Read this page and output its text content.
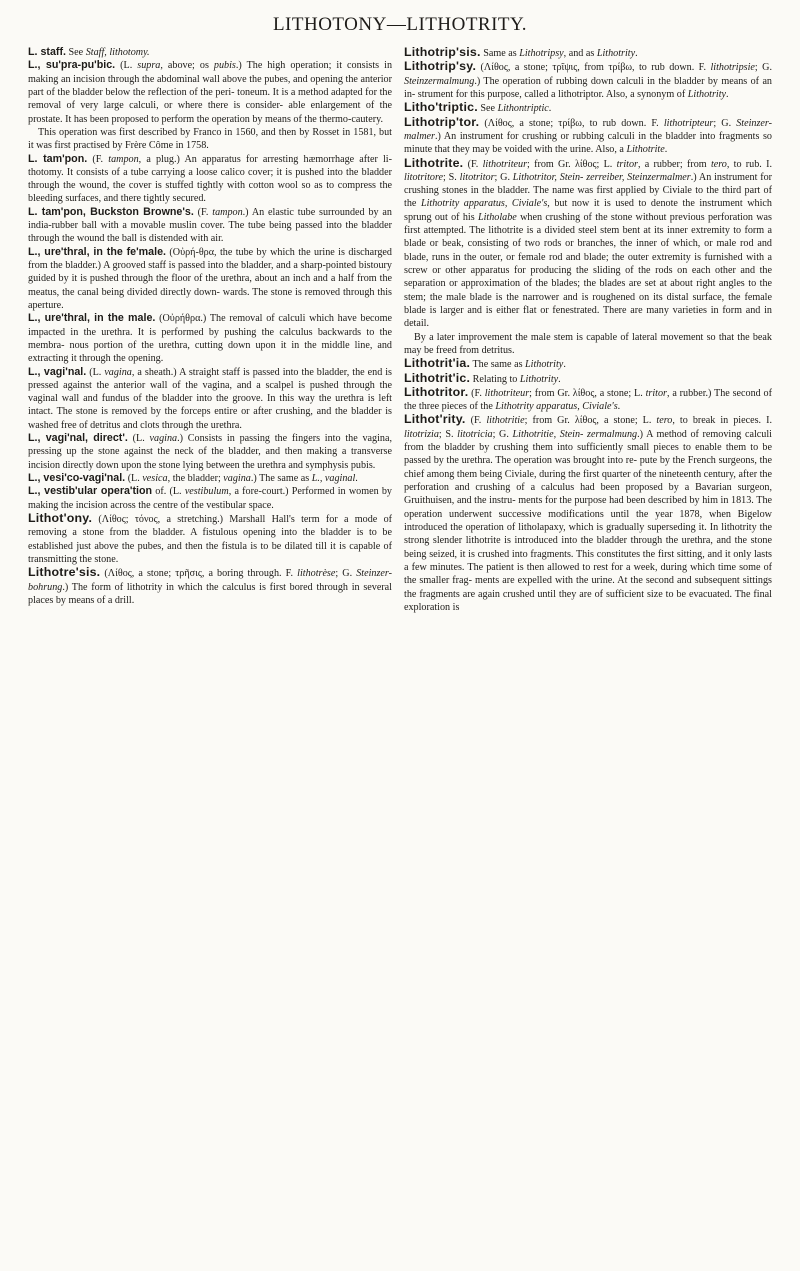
LITHOTONY—LITHOTRITY.

L. staff. See Staff, lithotomy.

L., su'pra-pu'bic. (L. supra, above; os pubis.) The high operation; it consists in making an incision through the abdominal wall above the pubes, and opening the anterior part of the bladder below the reflection of the peri- toneum. It is a method adapted for the removal of very large calculi, or where there is consider- able enlargement of the prostate. It has been proposed to perform the operation by means of the thermo-cautery.

This operation was first described by Franco in 1560, and then by Rosset in 1581, but it was first practised by Frère Côme in 1758.

L. tam'pon. (F. tampon, a plug.) An apparatus for arresting hæmorrhage after li- thotomy. It consists of a tube carrying a loose calico cover; it is pushed into the bladder through the wound, the cover is stuffed tightly with cotton wool so as to compress the bleeding surfaces, and there tightly secured.

L. tam'pon, Buckston Browne's. (F. tampon.) An elastic tube surrounded by an india-rubber ball with a movable muslin cover. The tube being passed into the bladder through the wound the ball is distended with air.

L., ure'thral, in the fe'male. (Οὐρή-θρα, the tube by which the urine is discharged from the bladder.) A grooved staff is passed into the bladder, and a sharp-pointed bistoury guided by it is pushed through the floor of the urethra, about an inch and a half from the meatus, the canal being divided directly down- wards. The stone is removed through this aperture.

L., ure'thral, in the male. (Οὐρήθρα.) The removal of calculi which have become impacted in the urethra. It is performed by pushing the calculus backwards to the membra- nous portion of the urethra, cutting down upon it in the middle line, and extracting it through the opening.

L., vagi'nal. (L. vagina, a sheath.) A straight staff is passed into the bladder, the end is pressed against the anterior wall of the vagina, and a scalpel is pushed through the vaginal wall and fundus of the bladder into the groove. In this way the urethra is left intact. The stone is removed by the forceps entire or after crushing, and the bladder is washed free of detritus and clots through the urethra.

L., vagi'nal, direct'. (L. vagina.) Consists in passing the fingers into the vagina, pressing up the stone against the neck of the bladder, and then making a transverse incision directly down upon the stone lying between the urethra and symphysis pubis.

L., vesi'co-vagi'nal. (L. vesica, the bladder; vagina.) The same as L., vaginal.

L., vestib'ular opera'tion of. (L. vestibulum, a fore-court.) Performed in women by making the incision across the centre of the vestibular space.

Lithot'ony. (Λίθος; τόνος, a stretching.) Marshall Hall's term for a mode of removing a stone from the bladder. A fistulous opening into the bladder is to be established just above the pubes, and then the fistula is to be dilated till it is capable of transmitting the stone.

Lithotre'sis. (Λίθος, a stone; τρῆσις, a boring through. F. lithotrèse; G. Steinzer- bohrung.) The form of lithotrity in which the calculus is first bored through in several places by means of a drill.

Lithotrip'sis. Same as Lithotripsy, and as Lithotrity.

Lithotrip'sy. (Λίθος, a stone; τρῖψις, from τρίβω, to rub down. F. lithotripsie; G. Steinzermalmung.) The operation of rubbing down calculi in the bladder by means of an in- strument for this purpose, called a lithotriptor. Also, a synonym of Lithotrity.

Litho'triptic. See Lithontriptic.

Lithotrip'tor. (Λίθος, a stone; τρίβω, to rub down. F. lithotripteur; G. Steinzer- malmer.) An instrument for crushing or rubbing calculi in the bladder into fragments so minute that they may be voided with the urine. Also, a Lithotrite.

Lithotrite. (F. lithotriteur; from Gr. λίθος; L. tritor, a rubber; from tero, to rub. I. litotritore; S. litotritor; G. Lithotritor, Stein- zerreiber, Steinzermalmer.) An instrument for crushing stones in the bladder. The name was first applied by Civiale to the third part of the Lithotrity apparatus, Civiale's, but now it is used to denote the instrument which sprung out of his Litholabe when crushing of the stone without previous perforation was first attempted. The lithotrite is a divided steel stem bent at its inner extremity to form a blade or beak, consisting of two rods or branches, the inner of which, or male rod and blade, runs in the outer, or female rod and blade; the outer extremity is furnished with a screw or other apparatus for producing the sliding of the rods on each other and the separation or approximation of the blades; the blades are set at about right angles to the stem; the male blade is the narrower and is roughened on its distal surface, the female blade is larger and is either flat or fenestrated. There are many varieties in form and in detail.

By a later improvement the male stem is capable of lateral movement so that the beak may be freed from detritus.

Lithotrit'ia. The same as Lithotrity.

Lithotrit'ic. Relating to Lithotrity.

Lithotritor. (F. lithotriteur; from Gr. λίθος, a stone; L. tritor, a rubber.) The second of the three pieces of the Lithotrity apparatus, Civiale's.

Lithot'rity. (F. lithotritie; from Gr. λίθος, a stone; L. tero, to break in pieces. I. litotrizia; S. litotricia; G. Lithotritie, Stein- zermalmung.) A method of removing calculi from the bladder by crushing them into sufficiently small pieces to enable them to be passed by the urethra. The operation was brought into re- pute by the French surgeons, the chief among them being Civiale, during the first quarter of the nineteenth century, after the perforation and crushing of a calculus had been proposed by a Bavarian surgeon, Gruithuisen, and the instru- ments for the purpose had been described by him in 1813. The operation underwent successive modifications until the year 1878, when Bigelow introduced the operation of litholapaxy, which is gradually superseding it. In lithotrity the strong slender lithotrite is introduced into the bladder through the urethra, and the stone being seized, it is crushed into fragments. This constitutes the first sitting, and it only lasts a few minutes. The patient is then allowed to rest for a week, during which time some of the smaller frag- ments are expelled with the urine. At the second and subsequent sittings the fragments are again crushed until they are of sufficient size to be evacuated. The final exploration is
